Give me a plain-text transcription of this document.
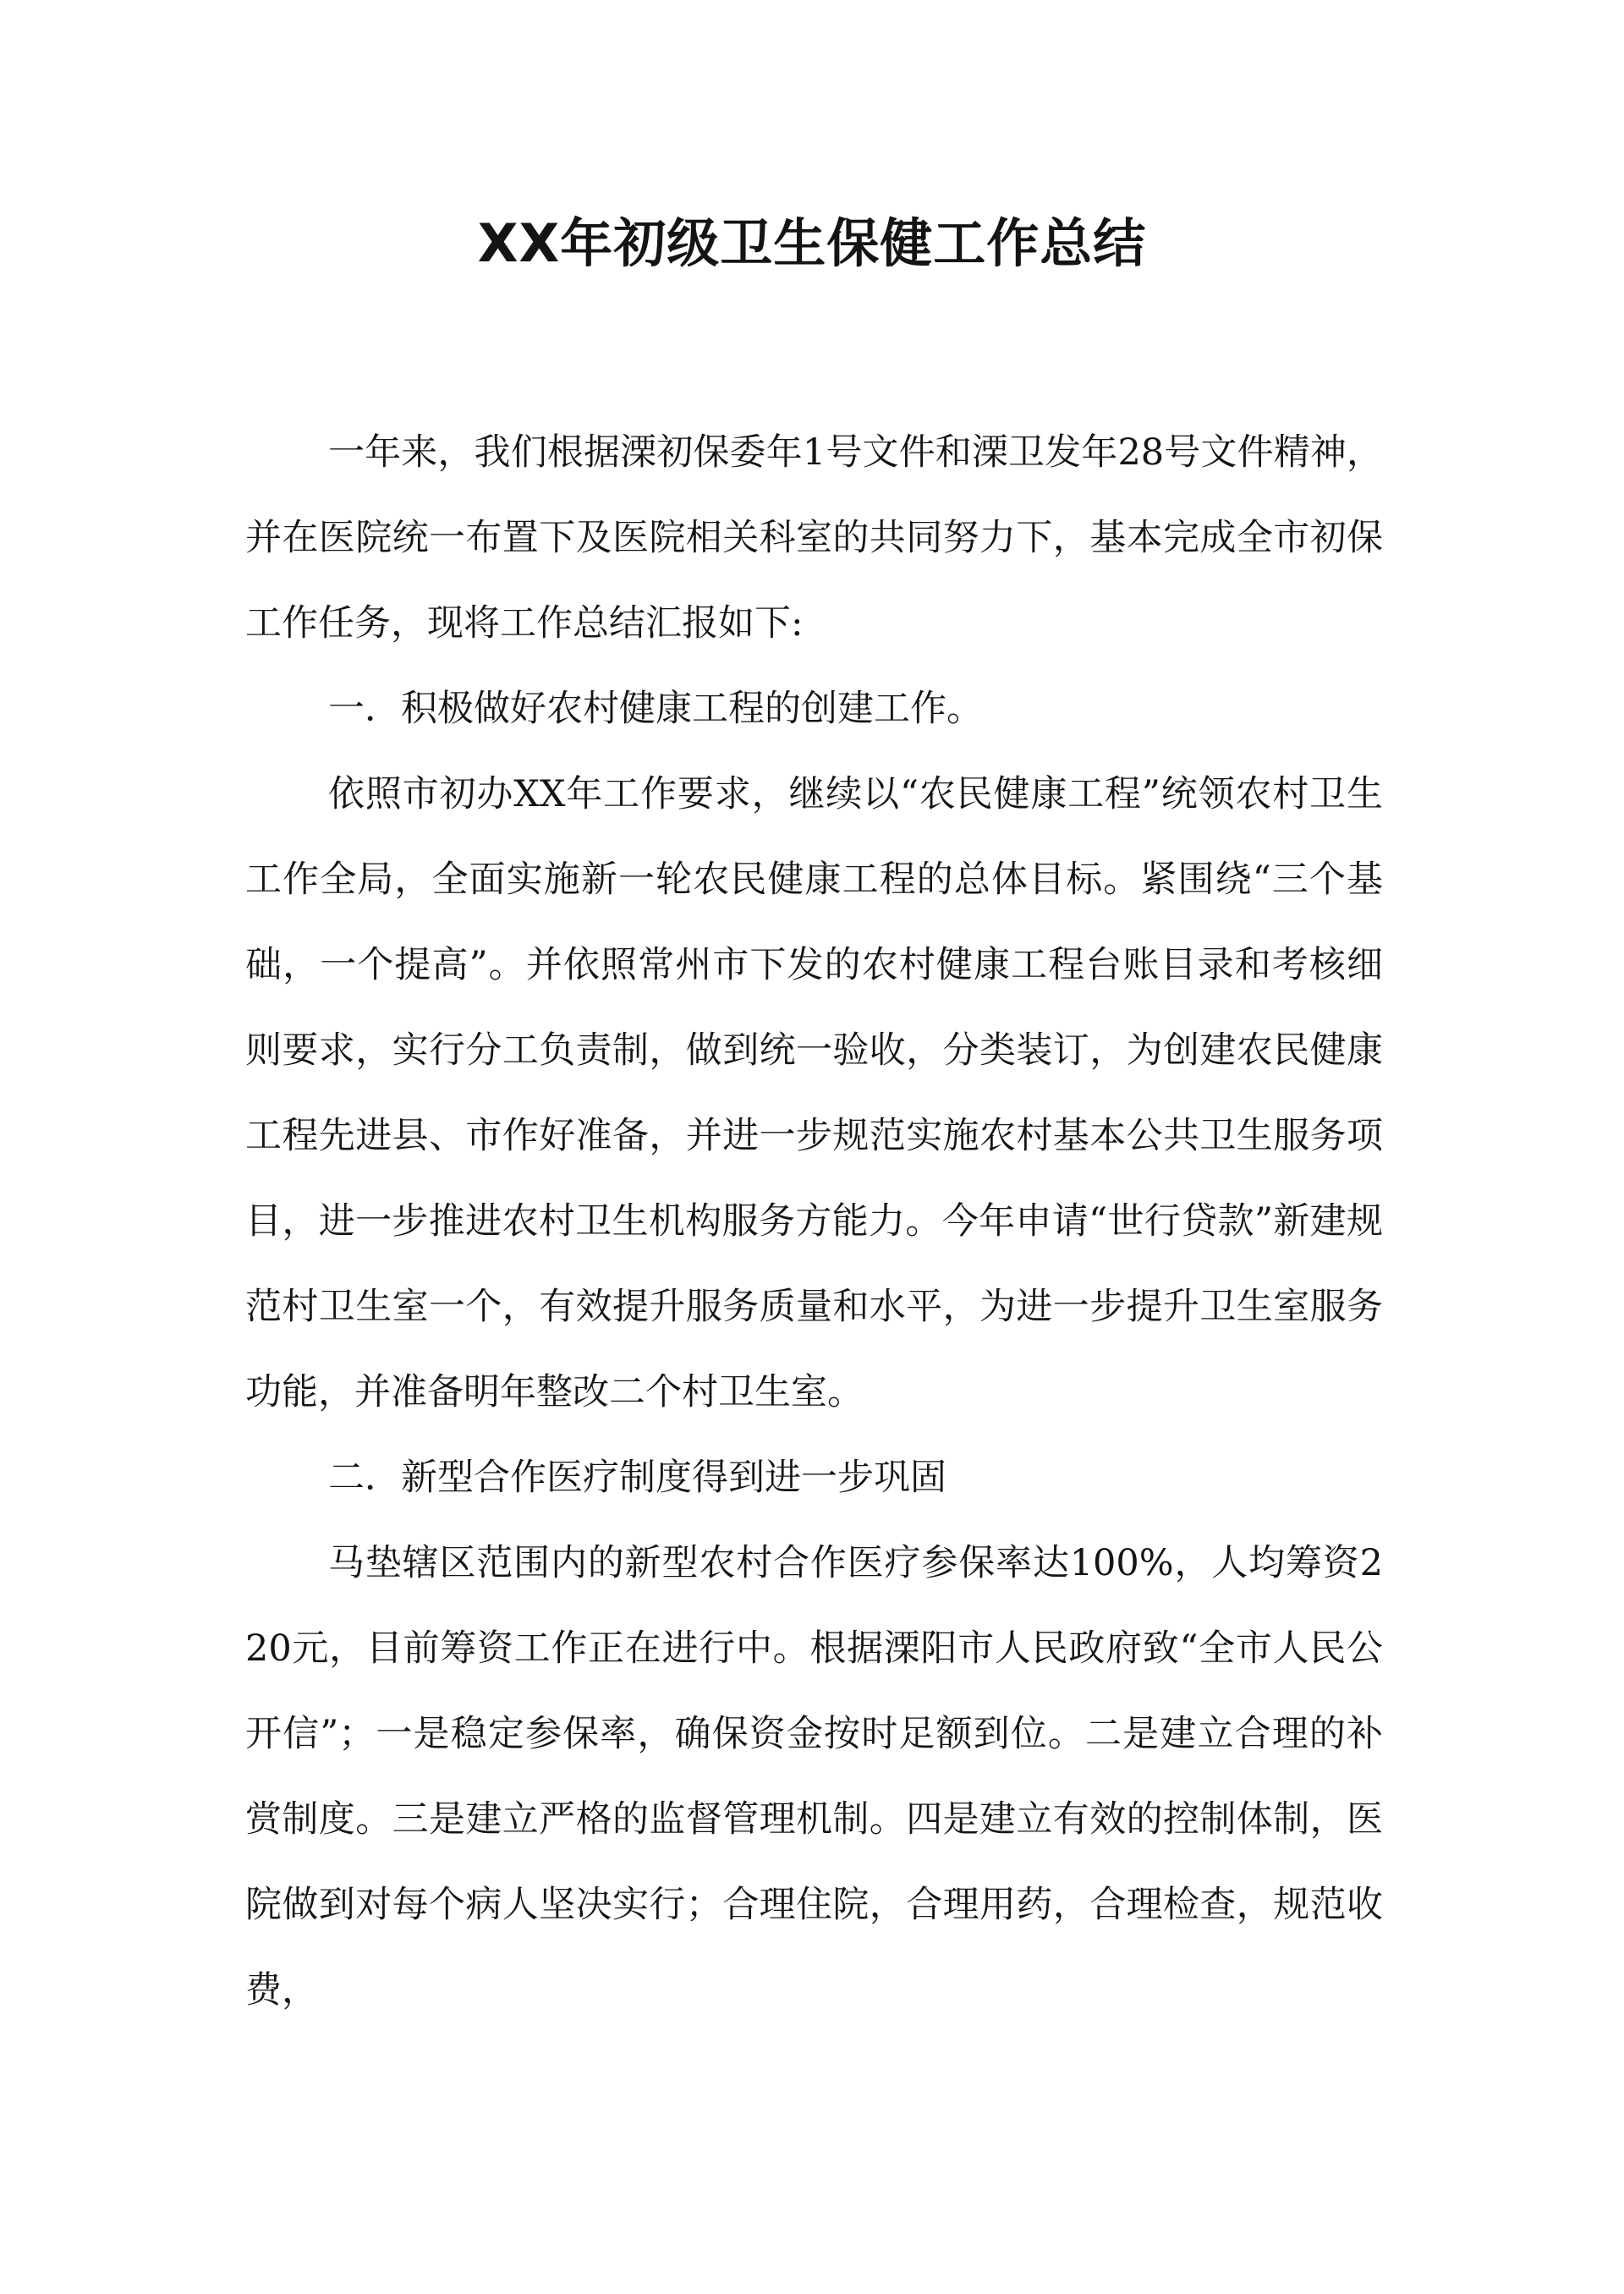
XX年初级卫生保健工作总结

一年来，我们根据溧初保委年1号文件和溧卫发年28号文件精神，并在医院统一布置下及医院相关科室的共同努力下，基本完成全市初保工作任务，现将工作总结汇报如下:

一．积极做好农村健康工程的创建工作。

依照市初办XX年工作要求，继续以“农民健康工程”统领农村卫生工作全局，全面实施新一轮农民健康工程的总体目标。紧围绕“三个基础，一个提高”。并依照常州市下发的农村健康工程台账目录和考核细则要求，实行分工负责制，做到统一验收，分类装订，为创建农民健康工程先进县、市作好准备，并进一步规范实施农村基本公共卫生服务项目，进一步推进农村卫生机构服务方能力。今年申请“世行贷款”新建规范村卫生室一个，有效提升服务质量和水平，为进一步提升卫生室服务功能，并准备明年整改二个村卫生室。

二．新型合作医疗制度得到进一步巩固

马垫辖区范围内的新型农村合作医疗参保率达100%，人均筹资220元，目前筹资工作正在进行中。根据溧阳市人民政府致“全市人民公开信”；一是稳定参保率，确保资金按时足额到位。二是建立合理的补赏制度。三是建立严格的监督管理机制。四是建立有效的控制体制，医院做到对每个病人坚决实行；合理住院，合理用药，合理检查，规范收费，
